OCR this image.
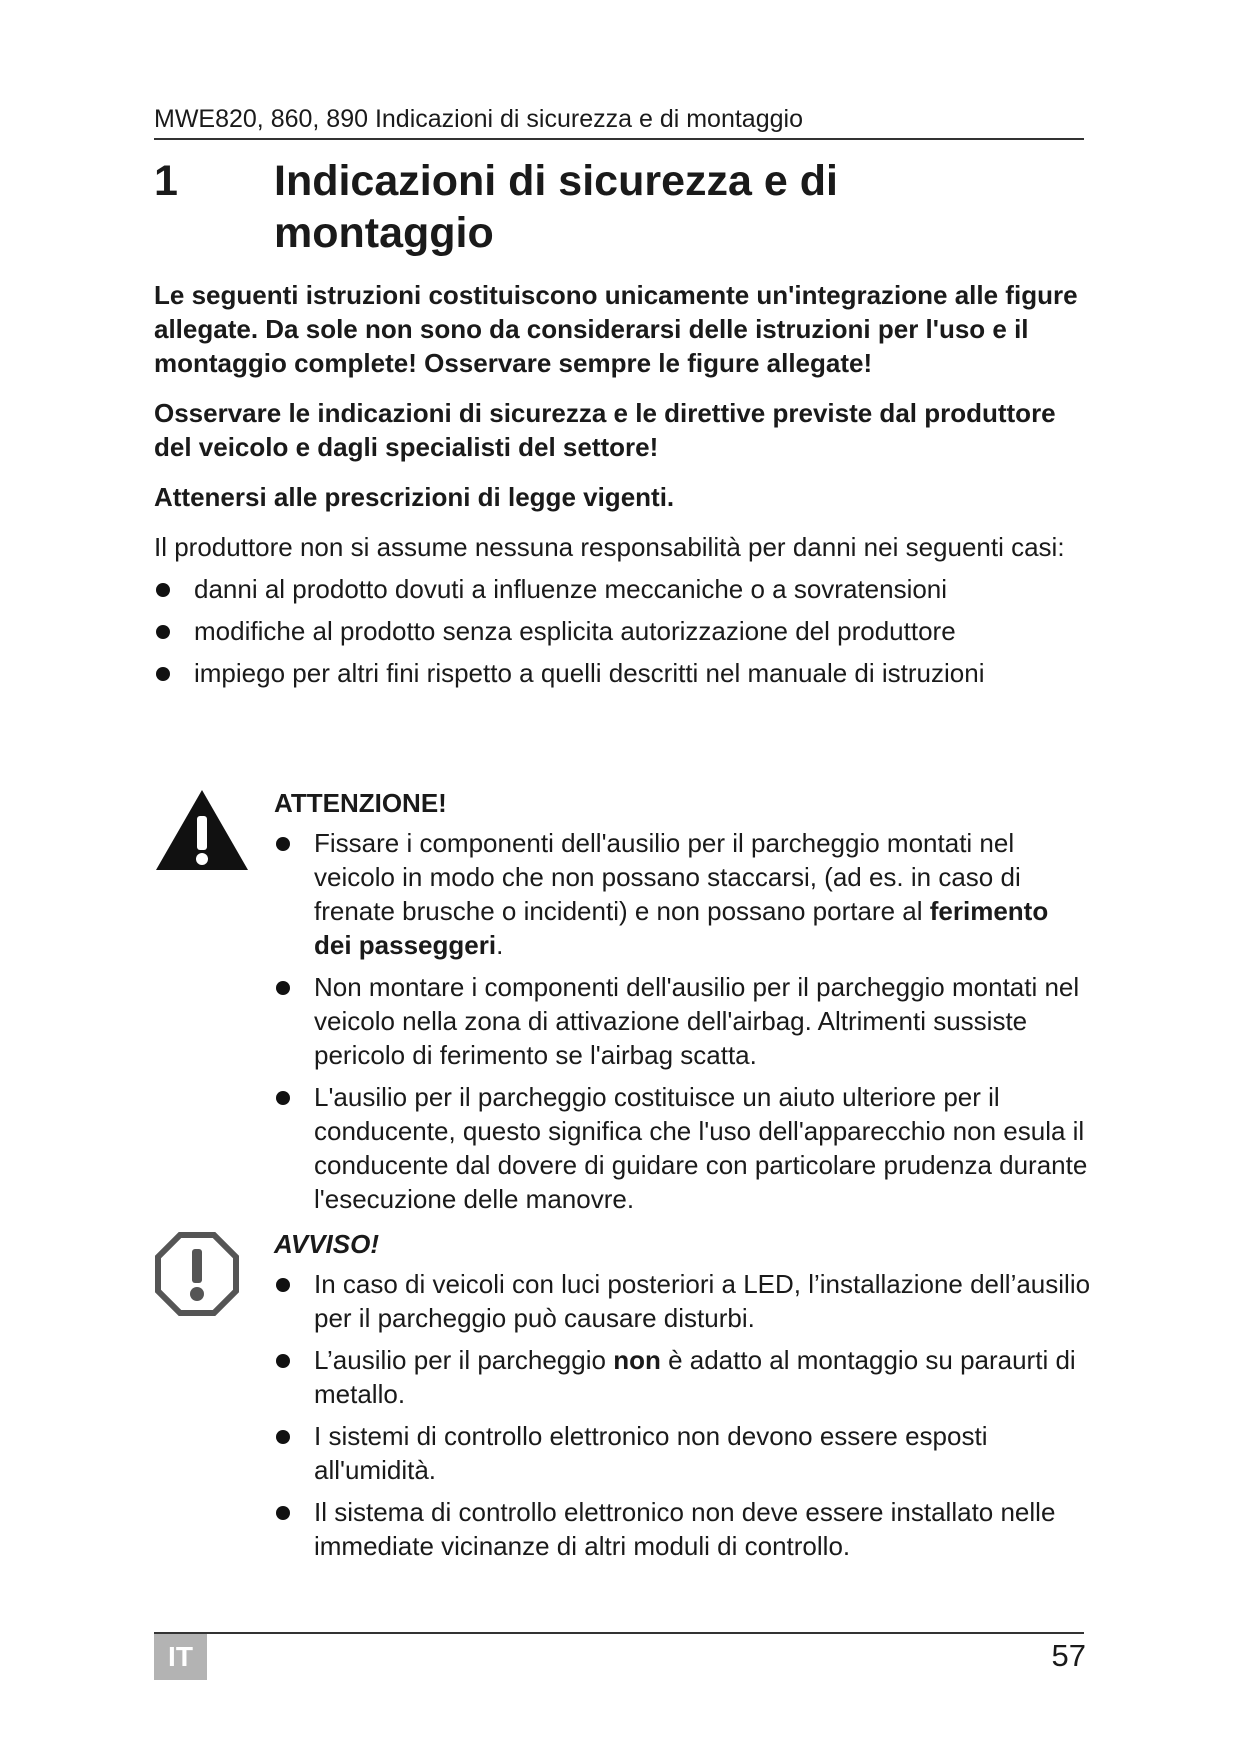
MWE820, 860, 890 Indicazioni di sicurezza e di montaggio
1 Indicazioni di sicurezza e di
montaggio

Le seguenti istruzioni costituiscono unicamente un'integrazione alle figure allegate. Da sole non sono da considerarsi delle istruzioni per l'uso e il montaggio complete! Osservare sempre le figure allegate!

Osservare le indicazioni di sicurezza e le direttive previste dal produttore del veicolo e dagli specialisti del settore!

Attenersi alle prescrizioni di legge vigenti.

Il produttore non si assume nessuna responsabilità per danni nei seguenti casi:

danni al prodotto dovuti a influenze meccaniche o a sovratensioni
modifiche al prodotto senza esplicita autorizzazione del produttore
impiego per altri fini rispetto a quelli descritti nel manuale di istruzioni
ATTENZIONE!
Fissare i componenti dell'ausilio per il parcheggio montati nel veicolo in modo che non possano staccarsi, (ad es. in caso di frenate brusche o incidenti) e non possano portare al ferimento dei passeggeri.
Non montare i componenti dell'ausilio per il parcheggio montati nel veicolo nella zona di attivazione dell'airbag. Altrimenti sussiste pericolo di ferimento se l'airbag scatta.
L'ausilio per il parcheggio costituisce un aiuto ulteriore per il conducente, questo significa che l'uso dell'apparecchio non esula il conducente dal dovere di guidare con particolare prudenza durante l'esecuzione delle manovre.
AVVISO!
In caso di veicoli con luci posteriori a LED, l’installazione dell’ausilio per il parcheggio può causare disturbi.
L’ausilio per il parcheggio non è adatto al montaggio su paraurti di metallo.
I sistemi di controllo elettronico non devono essere esposti all'umidità.
Il sistema di controllo elettronico non deve essere installato nelle immediate vicinanze di altri moduli di controllo.
IT	57
